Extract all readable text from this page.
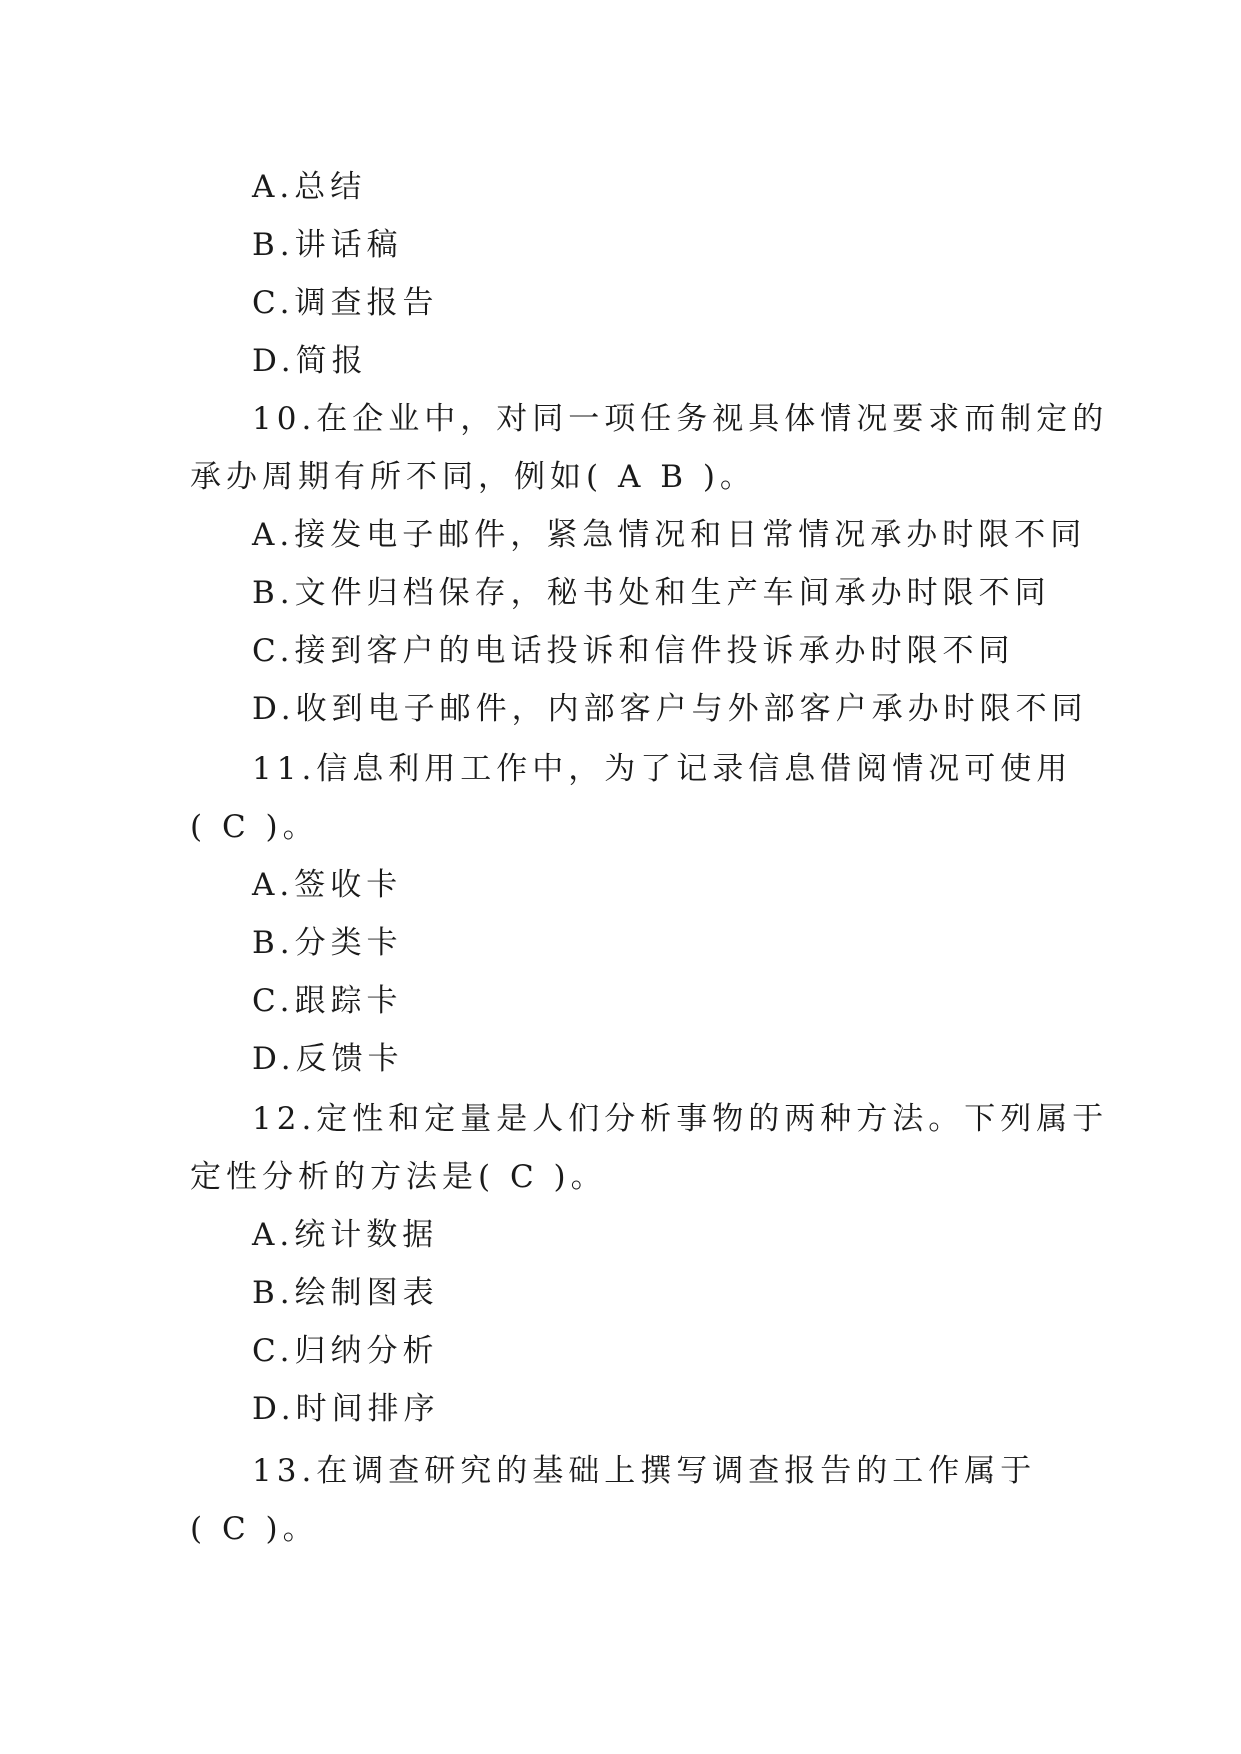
A.总结
B.讲话稿
C.调查报告
D.简报
10.在企业中，对同一项任务视具体情况要求而制定的
承办周期有所不同，例如( A B )。
A.接发电子邮件，紧急情况和日常情况承办时限不同
B.文件归档保存，秘书处和生产车间承办时限不同
C.接到客户的电话投诉和信件投诉承办时限不同
D.收到电子邮件，内部客户与外部客户承办时限不同
11.信息利用工作中，为了记录信息借阅情况可使用
( C )。
A.签收卡
B.分类卡
C.跟踪卡
D.反馈卡
12.定性和定量是人们分析事物的两种方法。下列属于
定性分析的方法是( C )。
A.统计数据
B.绘制图表
C.归纳分析
D.时间排序
13.在调查研究的基础上撰写调查报告的工作属于
( C )。
